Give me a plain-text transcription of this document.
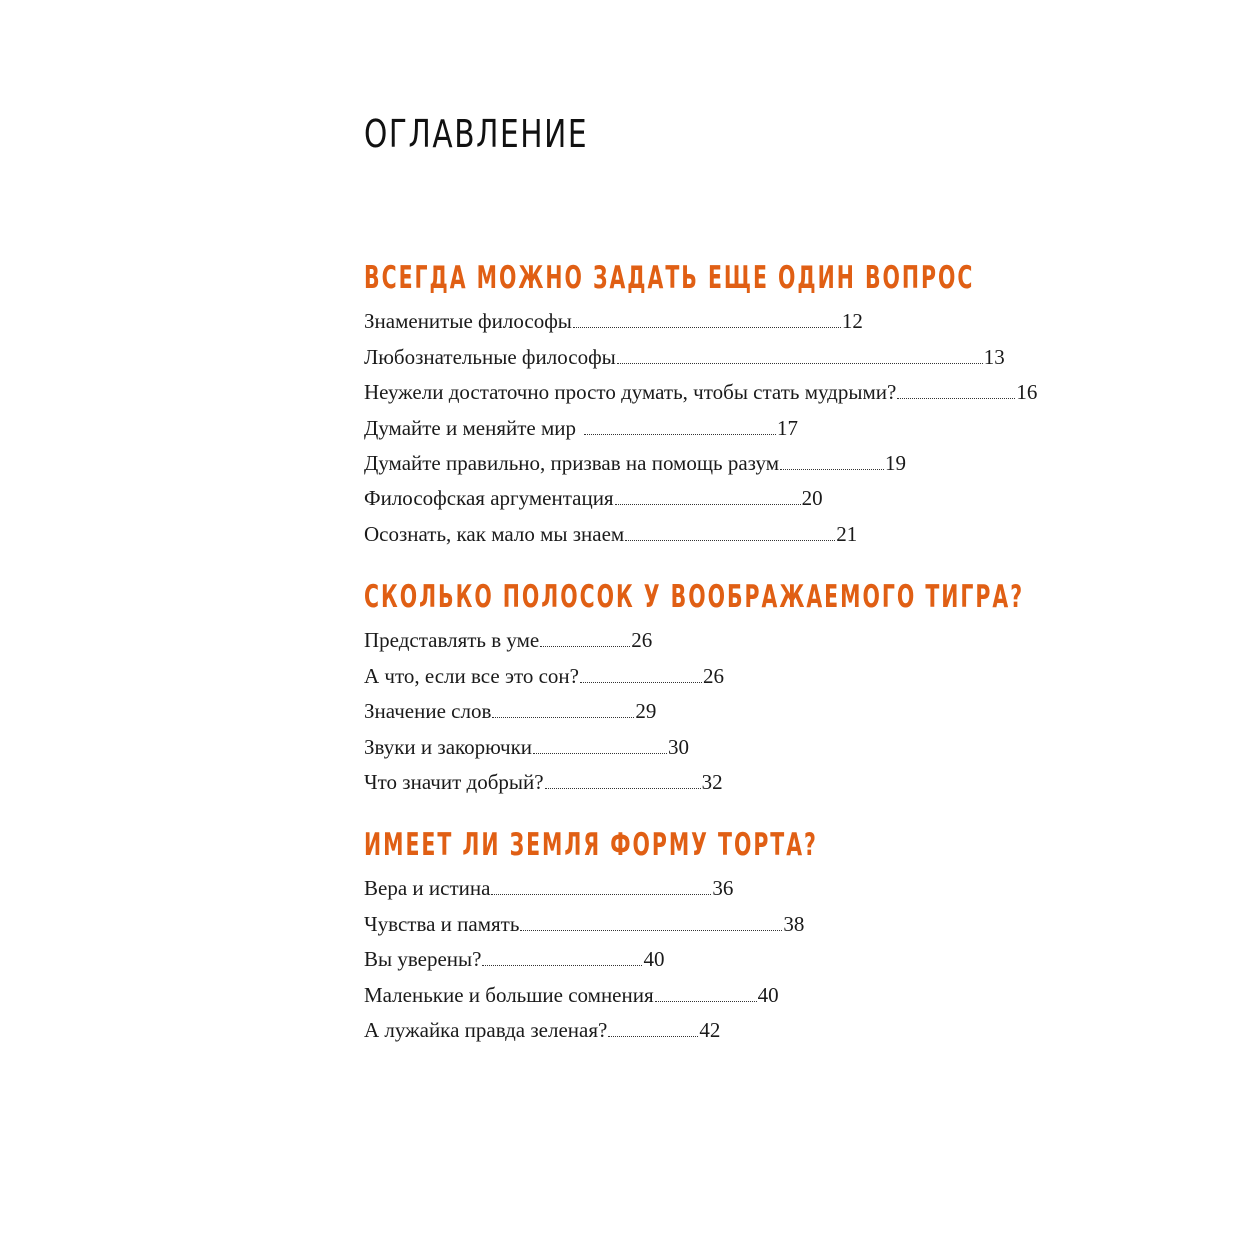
ОГЛАВЛЕНИЕ
ВСЕГДА МОЖНО ЗАДАТЬ ЕЩЕ ОДИН ВОПРОС
Знаменитые философы	12
Любознательные философы	13
Неужели достаточно просто думать, чтобы стать мудрыми?	16
Думайте и меняйте мир	17
Думайте правильно, призвав на помощь разум	19
Философская аргументация	20
Осознать, как мало мы знаем	21
СКОЛЬКО ПОЛОСОК У ВООБРАЖАЕМОГО ТИГРА?
Представлять в уме	26
А что, если все это сон?	26
Значение слов	29
Звуки и закорючки	30
Что значит добрый?	32
ИМЕЕТ ЛИ ЗЕМЛЯ ФОРМУ ТОРТА?
Вера и истина	36
Чувства и память	38
Вы уверены?	40
Маленькие и большие сомнения	40
А лужайка правда зеленая?	42
